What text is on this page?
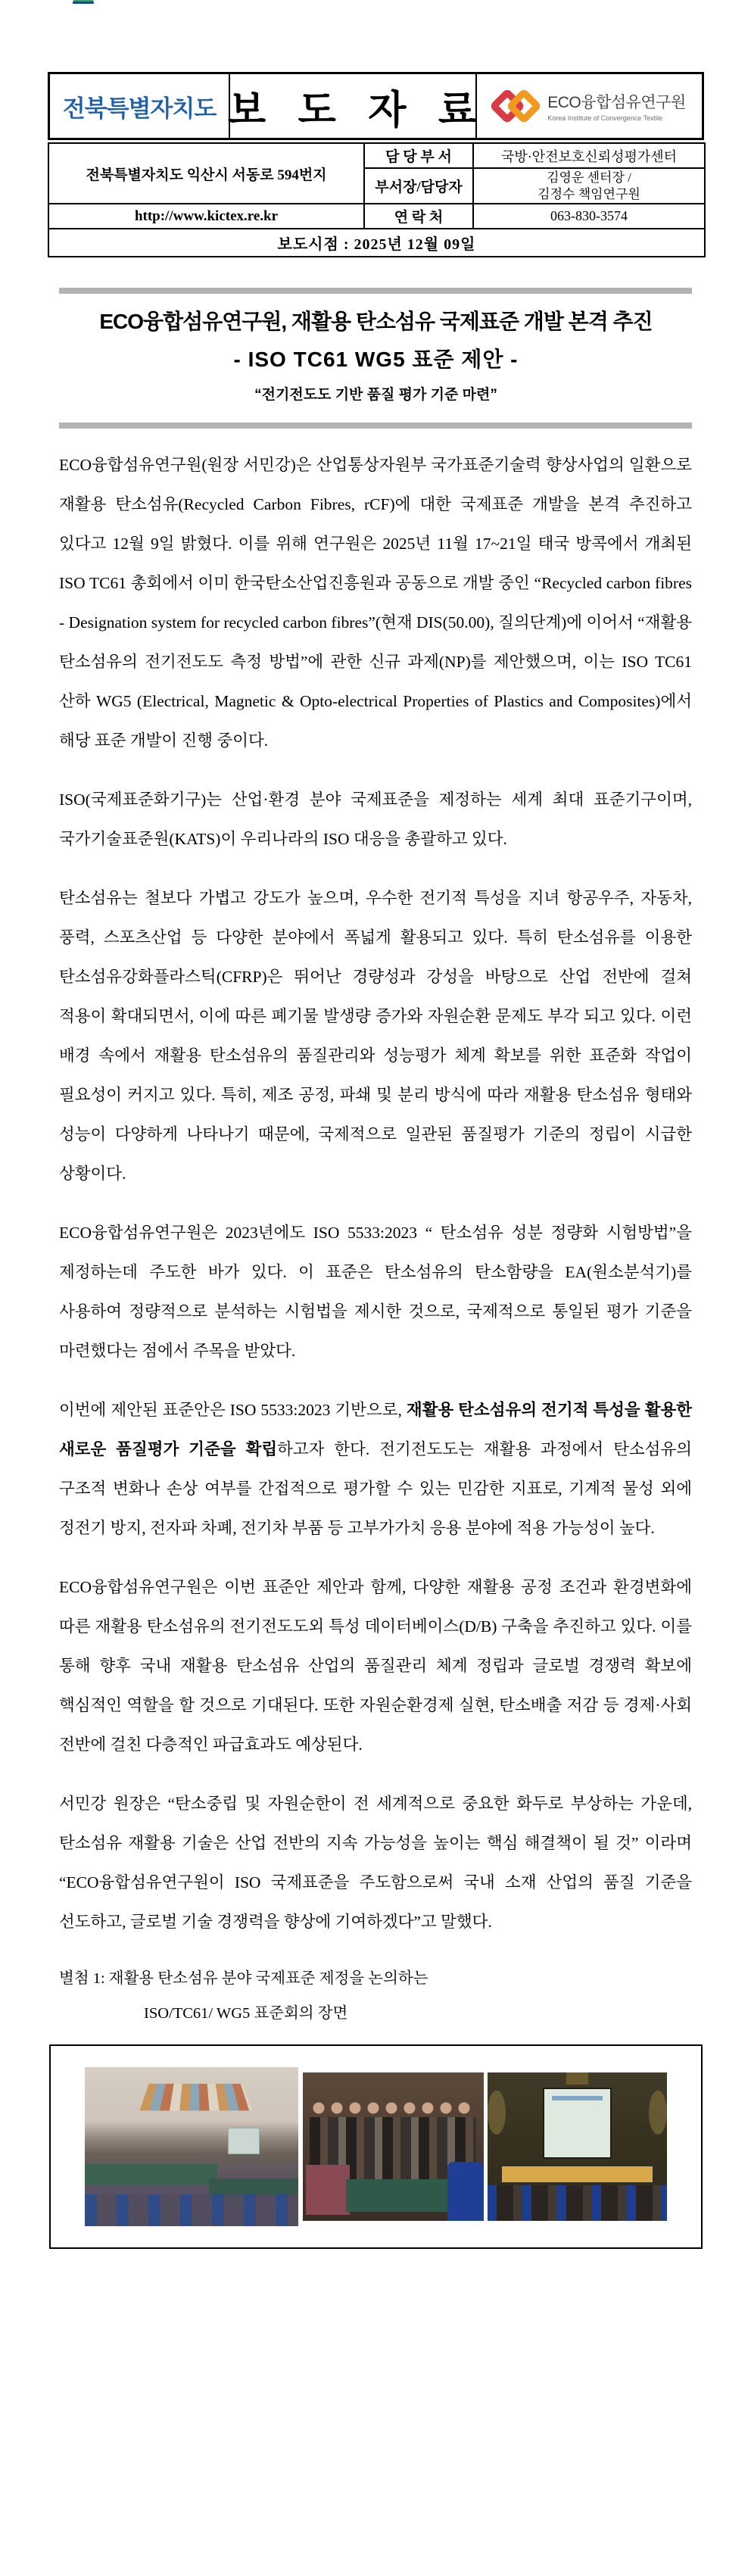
전북특별자치도 보 도 자 료	ECO융합섬유연구원
Korea Institute of Convergence Textile
전북특별자치도 익산시 서동로 594번지	담 당 부 서	국방·안전보호신뢰성평가센터
	부서장/담당자	김영운 센터장 /
김정수 책임연구원

http://www.kictex.re.kr	연 락 처	063-830-3574
보도시점 : 2025년 12월 09일		
ECO융합섬유연구원, 재활용 탄소섬유 국제표준 개발 본격 추진
- ISO TC61 WG5 표준 제안 -
“전기전도도 기반 품질 평가 기준 마련”

ECO융합섬유연구원(원장 서민강)은 산업통상자원부 국가표준기술력 향상사업의 일환으로 재활용 탄소섬유(Recycled Carbon Fibres, rCF)에 대한 국제표준 개발을 본격 추진하고 있다고 12월 9일 밝혔다. 이를 위해 연구원은 2025년 11월 17~21일 태국 방콕에서 개최된 ISO TC61 총회에서 이미 한국탄소산업진흥원과 공동으로 개발 중인 “Recycled carbon fibres - Designation system for recycled carbon fibres”(현재 DIS(50.00), 질의단계)에 이어서 “재활용 탄소섬유의 전기전도도 측정 방법”에 관한 신규 과제(NP)를 제안했으며, 이는 ISO TC61 산하 WG5 (Electrical, Magnetic & Opto-electrical Properties of Plastics and Composites)에서 해당 표준 개발이 진행 중이다.

ISO(국제표준화기구)는 산업·환경 분야 국제표준을 제정하는 세계 최대 표준기구이며, 국가기술표준원(KATS)이 우리나라의 ISO 대응을 총괄하고 있다.

탄소섬유는 철보다 가볍고 강도가 높으며, 우수한 전기적 특성을 지녀 항공우주, 자동차, 풍력, 스포츠산업 등 다양한 분야에서 폭넓게 활용되고 있다. 특히 탄소섬유를 이용한 탄소섬유강화플라스틱(CFRP)은 뛰어난 경량성과 강성을 바탕으로 산업 전반에 걸쳐 적용이 확대되면서, 이에 따른 폐기물 발생량 증가와 자원순환 문제도 부각 되고 있다. 이런 배경 속에서 재활용 탄소섬유의 품질관리와 성능평가 체계 확보를 위한 표준화 작업이 필요성이 커지고 있다. 특히, 제조 공정, 파쇄 및 분리 방식에 따라 재활용 탄소섬유 형태와 성능이 다양하게 나타나기 때문에, 국제적으로 일관된 품질평가 기준의 정립이 시급한 상황이다.

ECO융합섬유연구원은 2023년에도 ISO 5533:2023 “ 탄소섬유 성분 정량화 시험방법”을 제정하는데 주도한 바가 있다. 이 표준은 탄소섬유의 탄소함량을 EA(원소분석기)를 사용하여 정량적으로 분석하는 시험법을 제시한 것으로, 국제적으로 통일된 평가 기준을 마련했다는 점에서 주목을 받았다.

이번에 제안된 표준안은 ISO 5533:2023 기반으로, 재활용 탄소섬유의 전기적 특성을 활용한 새로운 품질평가 기준을 확립하고자 한다. 전기전도도는 재활용 과정에서 탄소섬유의 구조적 변화나 손상 여부를 간접적으로 평가할 수 있는 민감한 지표로, 기계적 물성 외에 정전기 방지, 전자파 차폐, 전기차 부품 등 고부가가치 응용 분야에 적용 가능성이 높다.

ECO융합섬유연구원은 이번 표준안 제안과 함께, 다양한 재활용 공정 조건과 환경변화에 따른 재활용 탄소섬유의 전기전도도외 특성 데이터베이스(D/B) 구축을 추진하고 있다. 이를 통해 향후 국내 재활용 탄소섬유 산업의 품질관리 체계 정립과 글로벌 경쟁력 확보에 핵심적인 역할을 할 것으로 기대된다. 또한 자원순환경제 실현, 탄소배출 저감 등 경제·사회 전반에 걸친 다층적인 파급효과도 예상된다.

서민강 원장은 “탄소중립 및 자원순한이 전 세계적으로 중요한 화두로 부상하는 가운데, 탄소섬유 재활용 기술은 산업 전반의 지속 가능성을 높이는 핵심 해결책이 될 것” 이라며 “ECO융합섬유연구원이 ISO 국제표준을 주도함으로써 국내 소재 산업의 품질 기준을 선도하고, 글로벌 기술 경쟁력을 향상에 기여하겠다”고 말했다.

별첨 1: 재활용 탄소섬유 분야 국제표준 제정을 논의하는
ISO/TC61/ WG5 표준회의 장면
